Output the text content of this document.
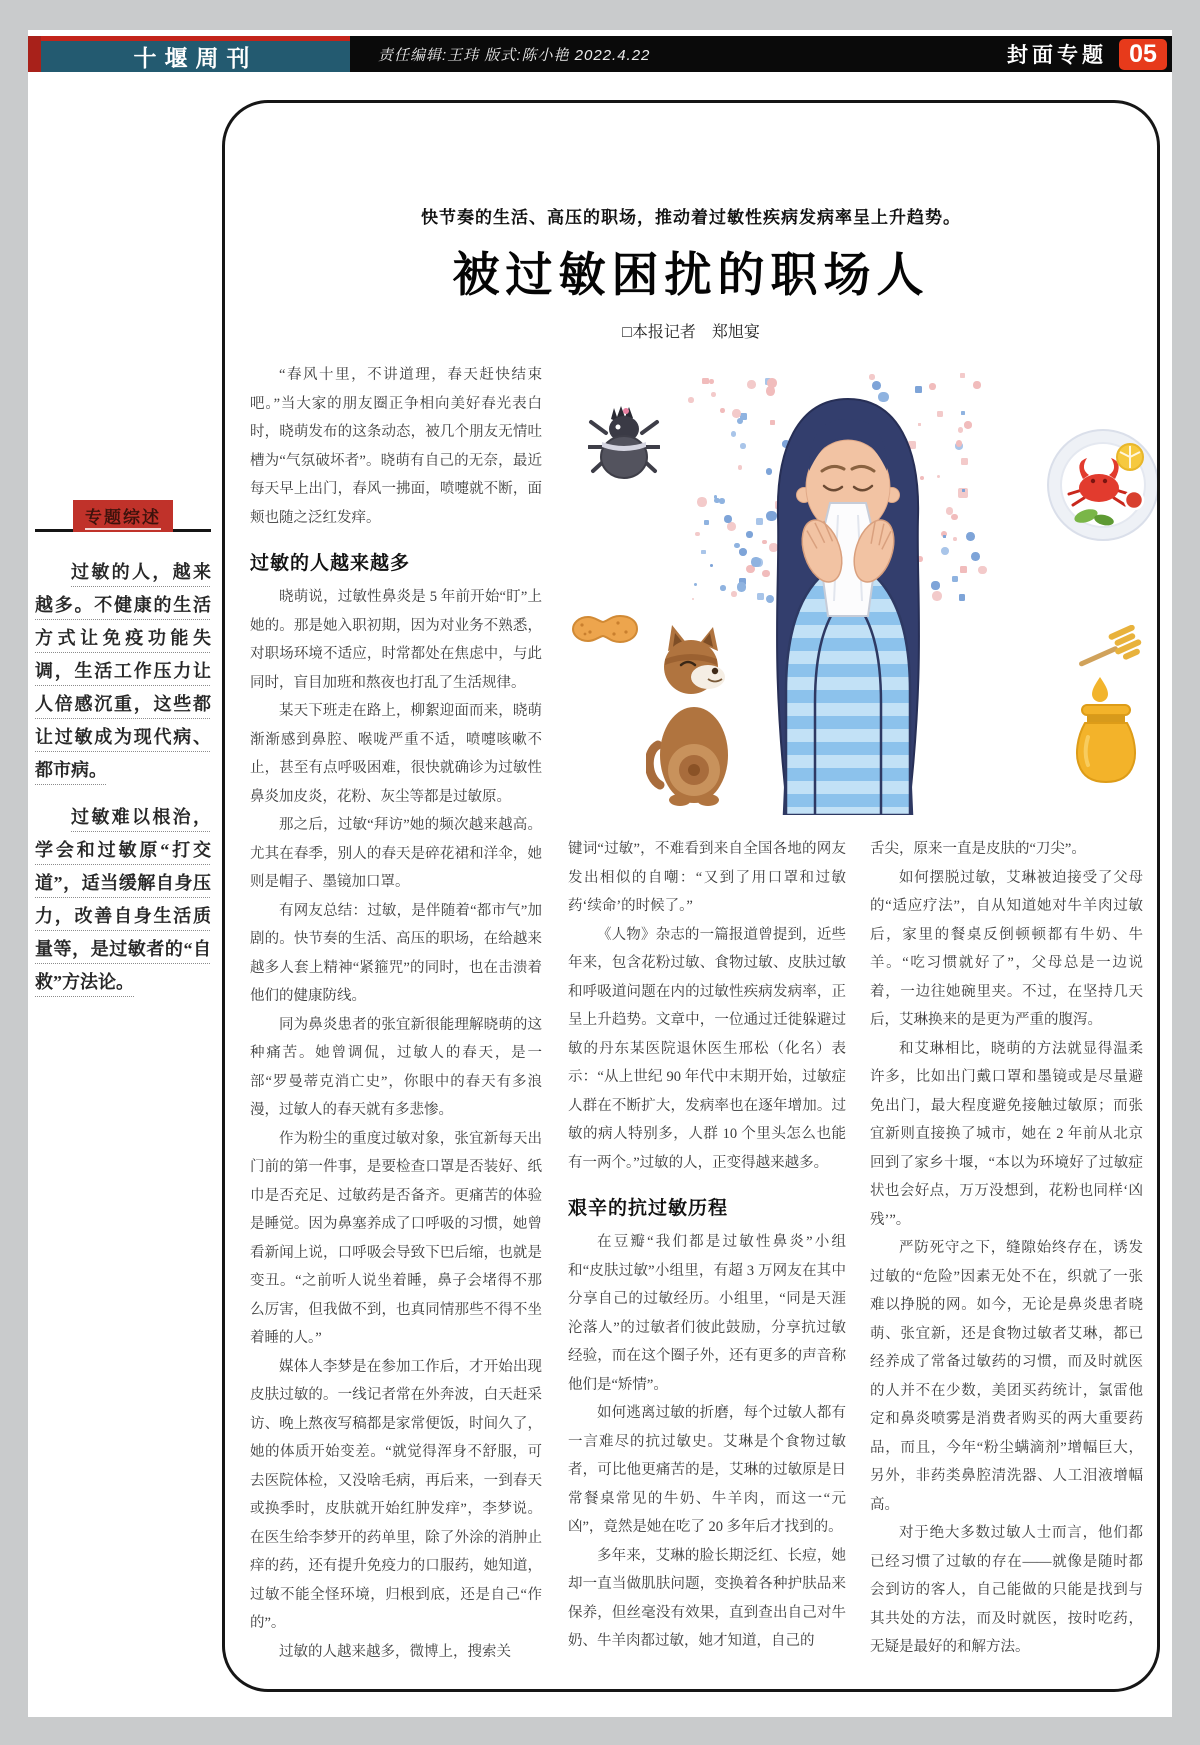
十堰周刊	责任编辑:王玮 版式:陈小艳 2022.4.22	封面专题 05
专题综述

过敏的人，越来越多。不健康的生活方式让免疫功能失调，生活工作压力让人倍感沉重，这些都让过敏成为现代病、都市病。

过敏难以根治，学会和过敏原“打交道”，适当缓解自身压力，改善自身生活质量等，是过敏者的“自救”方法论。

快节奏的生活、高压的职场，推动着过敏性疾病发病率呈上升趋势。
被过敏困扰的职场人
□本报记者　郑旭宴

“春风十里，不讲道理，春天赶快结束吧。”当大家的朋友圈正争相向美好春光表白时，晓萌发布的这条动态，被几个朋友无情吐槽为“气氛破坏者”。晓萌有自己的无奈，最近每天早上出门，春风一拂面，喷嚏就不断，面颊也随之泛红发痒。

过敏的人越来越多

晓萌说，过敏性鼻炎是 5 年前开始“盯”上她的。那是她入职初期，因为对业务不熟悉，对职场环境不适应，时常都处在焦虑中，与此同时，盲目加班和熬夜也打乱了生活规律。

某天下班走在路上，柳絮迎面而来，晓萌渐渐感到鼻腔、喉咙严重不适，喷嚏咳嗽不止，甚至有点呼吸困难，很快就确诊为过敏性鼻炎加皮炎，花粉、灰尘等都是过敏原。

那之后，过敏“拜访”她的频次越来越高。尤其在春季，别人的春天是碎花裙和洋伞，她则是帽子、墨镜加口罩。

有网友总结：过敏，是伴随着“都市气”加剧的。快节奏的生活、高压的职场，在给越来越多人套上精神“紧箍咒”的同时，也在击溃着他们的健康防线。

同为鼻炎患者的张宜新很能理解晓萌的这种痛苦。她曾调侃，过敏人的春天，是一部“罗曼蒂克消亡史”，你眼中的春天有多浪漫，过敏人的春天就有多悲惨。

作为粉尘的重度过敏对象，张宜新每天出门前的第一件事，是要检查口罩是否装好、纸巾是否充足、过敏药是否备齐。更痛苦的体验是睡觉。因为鼻塞养成了口呼吸的习惯，她曾看新闻上说，口呼吸会导致下巴后缩，也就是变丑。“之前听人说坐着睡，鼻子会堵得不那么厉害，但我做不到，也真同情那些不得不坐着睡的人。”

媒体人李梦是在参加工作后，才开始出现皮肤过敏的。一线记者常在外奔波，白天赶采访、晚上熬夜写稿都是家常便饭，时间久了，她的体质开始变差。“就觉得浑身不舒服，可去医院体检，又没啥毛病，再后来，一到春天或换季时，皮肤就开始红肿发痒”，李梦说。在医生给李梦开的药单里，除了外涂的消肿止痒的药，还有提升免疫力的口服药，她知道，过敏不能全怪环境，归根到底，还是自己“作的”。

过敏的人越来越多，微博上，搜索关

键词“过敏”，不难看到来自全国各地的网友发出相似的自嘲：“又到了用口罩和过敏药‘续命’的时候了。”

《人物》杂志的一篇报道曾提到，近些年来，包含花粉过敏、食物过敏、皮肤过敏和呼吸道问题在内的过敏性疾病发病率，正呈上升趋势。文章中，一位通过迁徙躲避过敏的丹东某医院退休医生邢松（化名）表示：“从上世纪 90 年代中末期开始，过敏症人群在不断扩大，发病率也在逐年增加。过敏的病人特别多，人群 10 个里头怎么也能有一两个。”过敏的人，正变得越来越多。

艰辛的抗过敏历程

在豆瓣“我们都是过敏性鼻炎”小组和“皮肤过敏”小组里，有超 3 万网友在其中分享自己的过敏经历。小组里，“同是天涯沦落人”的过敏者们彼此鼓励，分享抗过敏经验，而在这个圈子外，还有更多的声音称他们是“矫情”。

如何逃离过敏的折磨，每个过敏人都有一言难尽的抗过敏史。艾琳是个食物过敏者，可比他更痛苦的是，艾琳的过敏原是日常餐桌常见的牛奶、牛羊肉，而这一“元凶”，竟然是她在吃了 20 多年后才找到的。

多年来，艾琳的脸长期泛红、长痘，她却一直当做肌肤问题，变换着各种护肤品来保养，但丝毫没有效果，直到查出自己对牛奶、牛羊肉都过敏，她才知道，自己的

舌尖，原来一直是皮肤的“刀尖”。

如何摆脱过敏，艾琳被迫接受了父母的“适应疗法”，自从知道她对牛羊肉过敏后，家里的餐桌反倒顿顿都有牛奶、牛羊。“吃习惯就好了”，父母总是一边说着，一边往她碗里夹。不过，在坚持几天后，艾琳换来的是更为严重的腹泻。

和艾琳相比，晓萌的方法就显得温柔许多，比如出门戴口罩和墨镜或是尽量避免出门，最大程度避免接触过敏原；而张宜新则直接换了城市，她在 2 年前从北京回到了家乡十堰，“本以为环境好了过敏症状也会好点，万万没想到，花粉也同样‘凶残’”。

严防死守之下，缝隙始终存在，诱发过敏的“危险”因素无处不在，织就了一张难以挣脱的网。如今，无论是鼻炎患者晓萌、张宜新，还是食物过敏者艾琳，都已经养成了常备过敏药的习惯，而及时就医的人并不在少数，美团买药统计，氯雷他定和鼻炎喷雾是消费者购买的两大重要药品，而且，今年“粉尘螨滴剂”增幅巨大，另外，非药类鼻腔清洗器、人工泪液增幅高。

对于绝大多数过敏人士而言，他们都已经习惯了过敏的存在——就像是随时都会到访的客人，自己能做的只能是找到与其共处的方法，而及时就医，按时吃药，无疑是最好的和解方法。
